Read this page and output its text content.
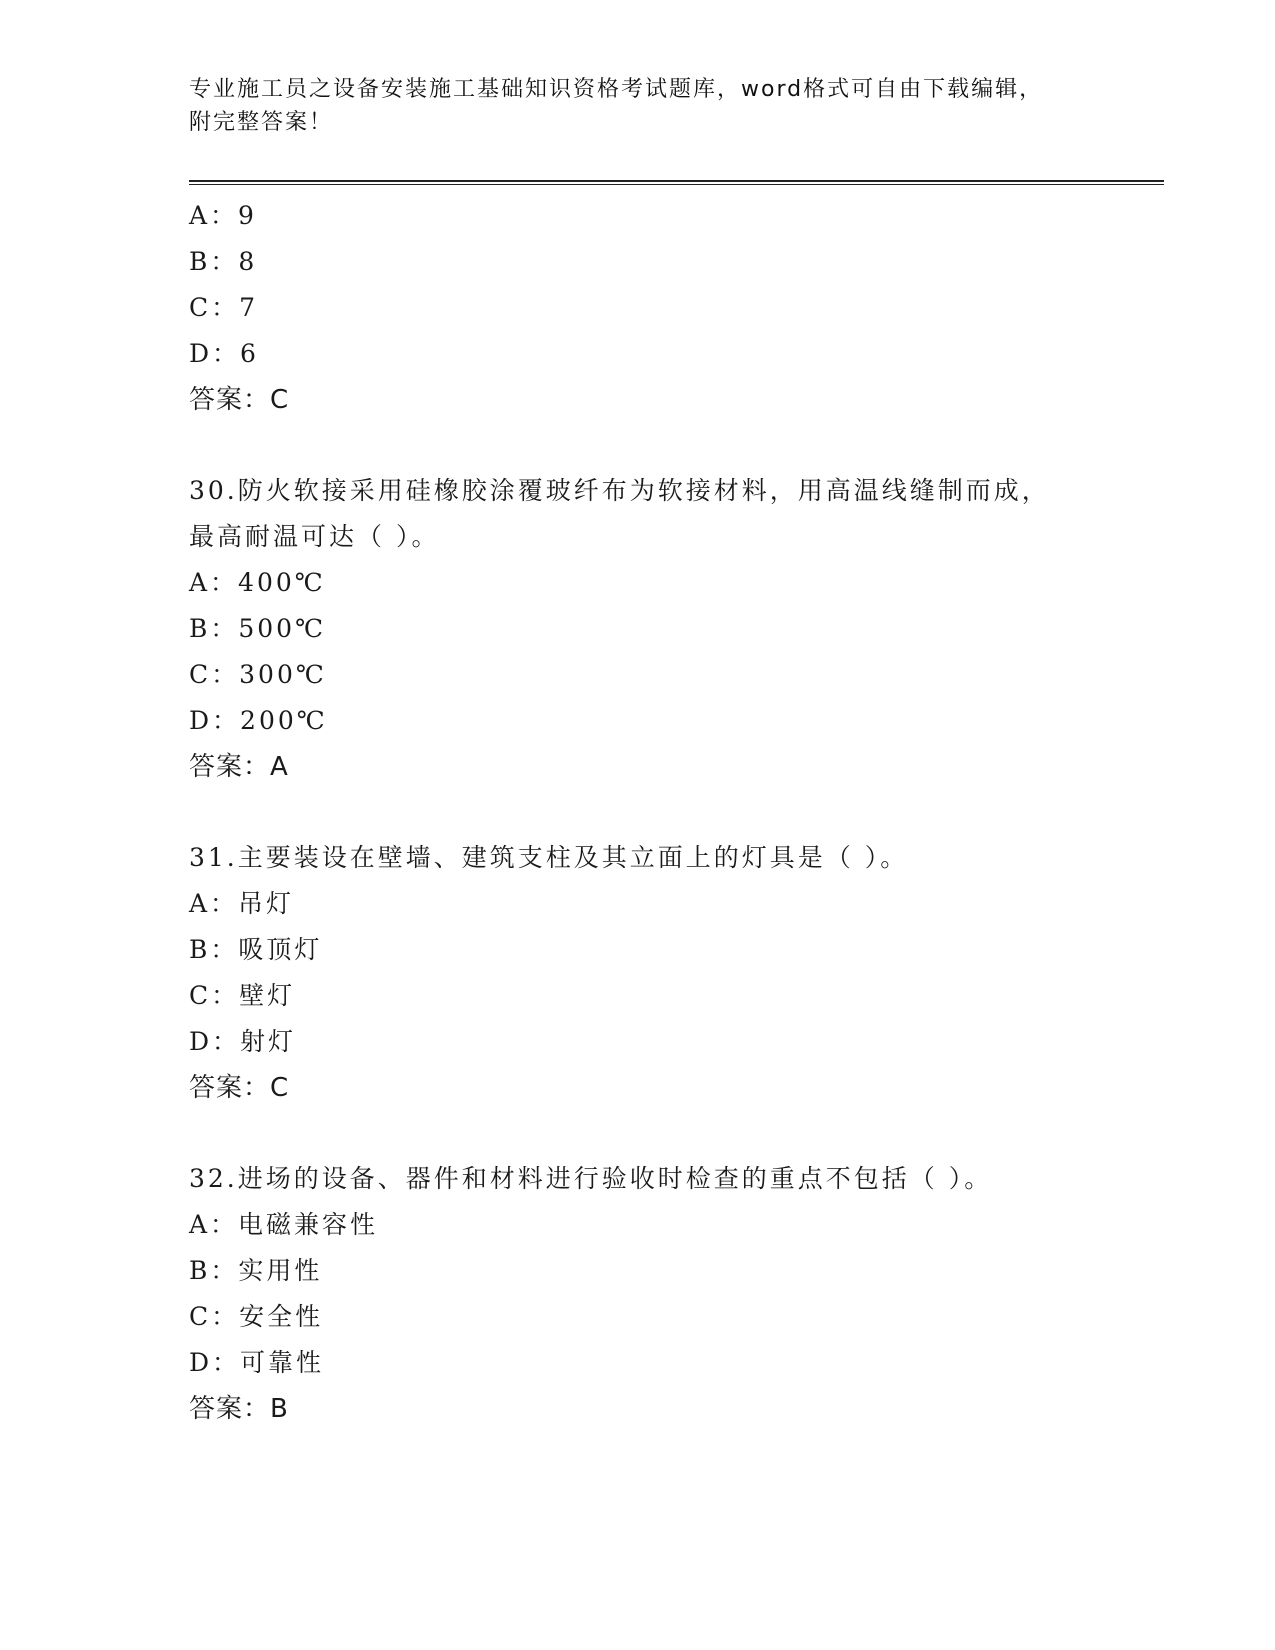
专业施工员之设备安装施工基础知识资格考试题库，word格式可自由下载编辑，
附完整答案！
A：9
B：8
C：7
D：6
答案：C
30.防火软接采用硅橡胶涂覆玻纤布为软接材料，用高温线缝制而成，
最高耐温可达（ ）。
A：400℃
B：500℃
C：300℃
D：200℃
答案：A
31.主要装设在壁墙、建筑支柱及其立面上的灯具是（ ）。
A：吊灯
B：吸顶灯
C：壁灯
D：射灯
答案：C
32.进场的设备、器件和材料进行验收时检查的重点不包括（ ）。
A：电磁兼容性
B：实用性
C：安全性
D：可靠性
答案：B
